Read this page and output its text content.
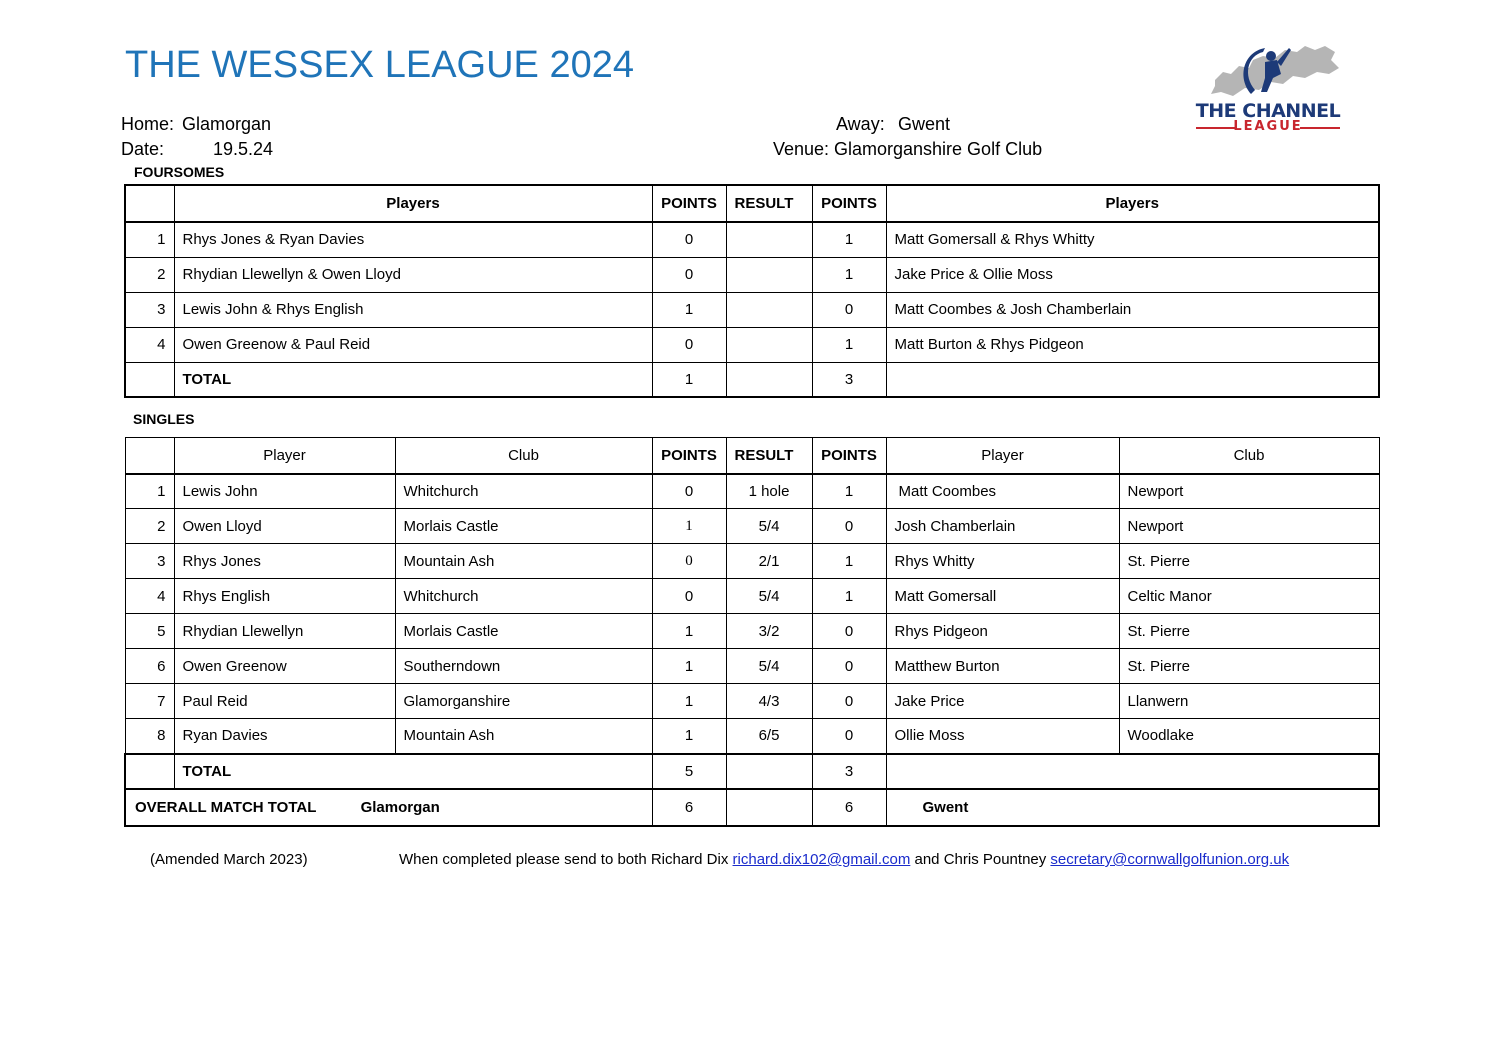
THE WESSEX LEAGUE 2024
THE CHANNEL
LEAGUE
Home: Glamorgan	Away: Gwent
Date:	19.5.24	Venue: Glamorganshire Golf Club
FOURSOMES
	Players	POINTS	RESULT	POINTS	Players
1	Rhys Jones & Ryan Davies	0		1	Matt Gomersall & Rhys Whitty
2	Rhydian Llewellyn & Owen Lloyd	0		1	Jake Price & Ollie Moss
3	Lewis John & Rhys English	1		0	Matt Coombes & Josh Chamberlain
4	Owen Greenow & Paul Reid	0		1	Matt Burton & Rhys Pidgeon
	TOTAL	1		3	
SINGLES
	Player	Club	POINTS	RESULT	POINTS	Player	Club
1	Lewis John	Whitchurch	0	1 hole	1	Matt Coombes	Newport
2	Owen Lloyd	Morlais Castle	1	5/4	0	Josh Chamberlain	Newport
3	Rhys Jones	Mountain Ash	0	2/1	1	Rhys Whitty	St. Pierre
4	Rhys English	Whitchurch	0	5/4	1	Matt Gomersall	Celtic Manor
5	Rhydian Llewellyn	Morlais Castle	1	3/2	0	Rhys Pidgeon	St. Pierre
6	Owen Greenow	Southerndown	1	5/4	0	Matthew Burton	St. Pierre
7	Paul Reid	Glamorganshire	1	4/3	0	Jake Price	Llanwern
8	Ryan Davies	Mountain Ash	1	6/5	0	Ollie Moss	Woodlake
	TOTAL		5		3		
OVERALL MATCH TOTAL Glamorgan			6		6	Gwent	
(Amended March 2023)	When completed please send to both Richard Dix richard.dix102@gmail.com and Chris Pountney secretary@cornwallgolfunion.org.uk
